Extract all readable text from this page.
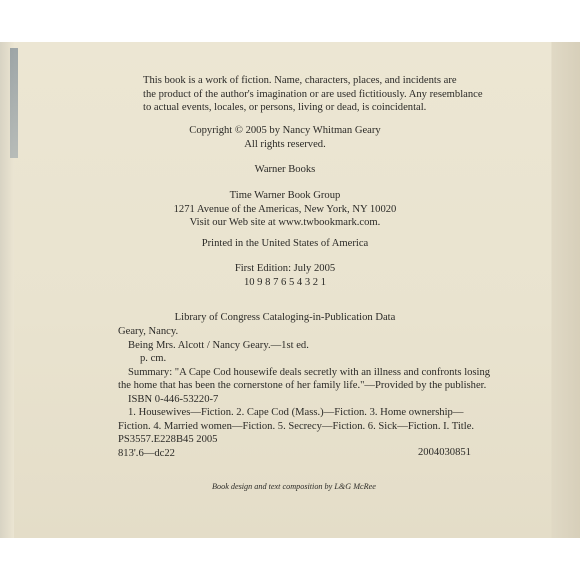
This book is a work of fiction. Name, characters, places, and incidents are
the product of the author's imagination or are used fictitiously. Any resemblance
to actual events, locales, or persons, living or dead, is coincidental.
Copyright © 2005 by Nancy Whitman Geary
All rights reserved.
Warner Books
Time Warner Book Group
1271 Avenue of the Americas, New York, NY 10020
Visit our Web site at www.twbookmark.com.
Printed in the United States of America
First Edition: July 2005
10 9 8 7 6 5 4 3 2 1
Library of Congress Cataloging-in-Publication Data
Geary, Nancy.
Being Mrs. Alcott / Nancy Geary.—1st ed.
p. cm.
Summary: "A Cape Cod housewife deals secretly with an illness and confronts losing
the home that has been the cornerstone of her family life."—Provided by the publisher.
ISBN 0-446-53220-7
1. Housewives—Fiction. 2. Cape Cod (Mass.)—Fiction. 3. Home ownership—
Fiction. 4. Married women—Fiction. 5. Secrecy—Fiction. 6. Sick—Fiction. I. Title.
PS3557.E228B45 2005
813'.6—dc22	2004030851
Book design and text composition by L&G McRee
